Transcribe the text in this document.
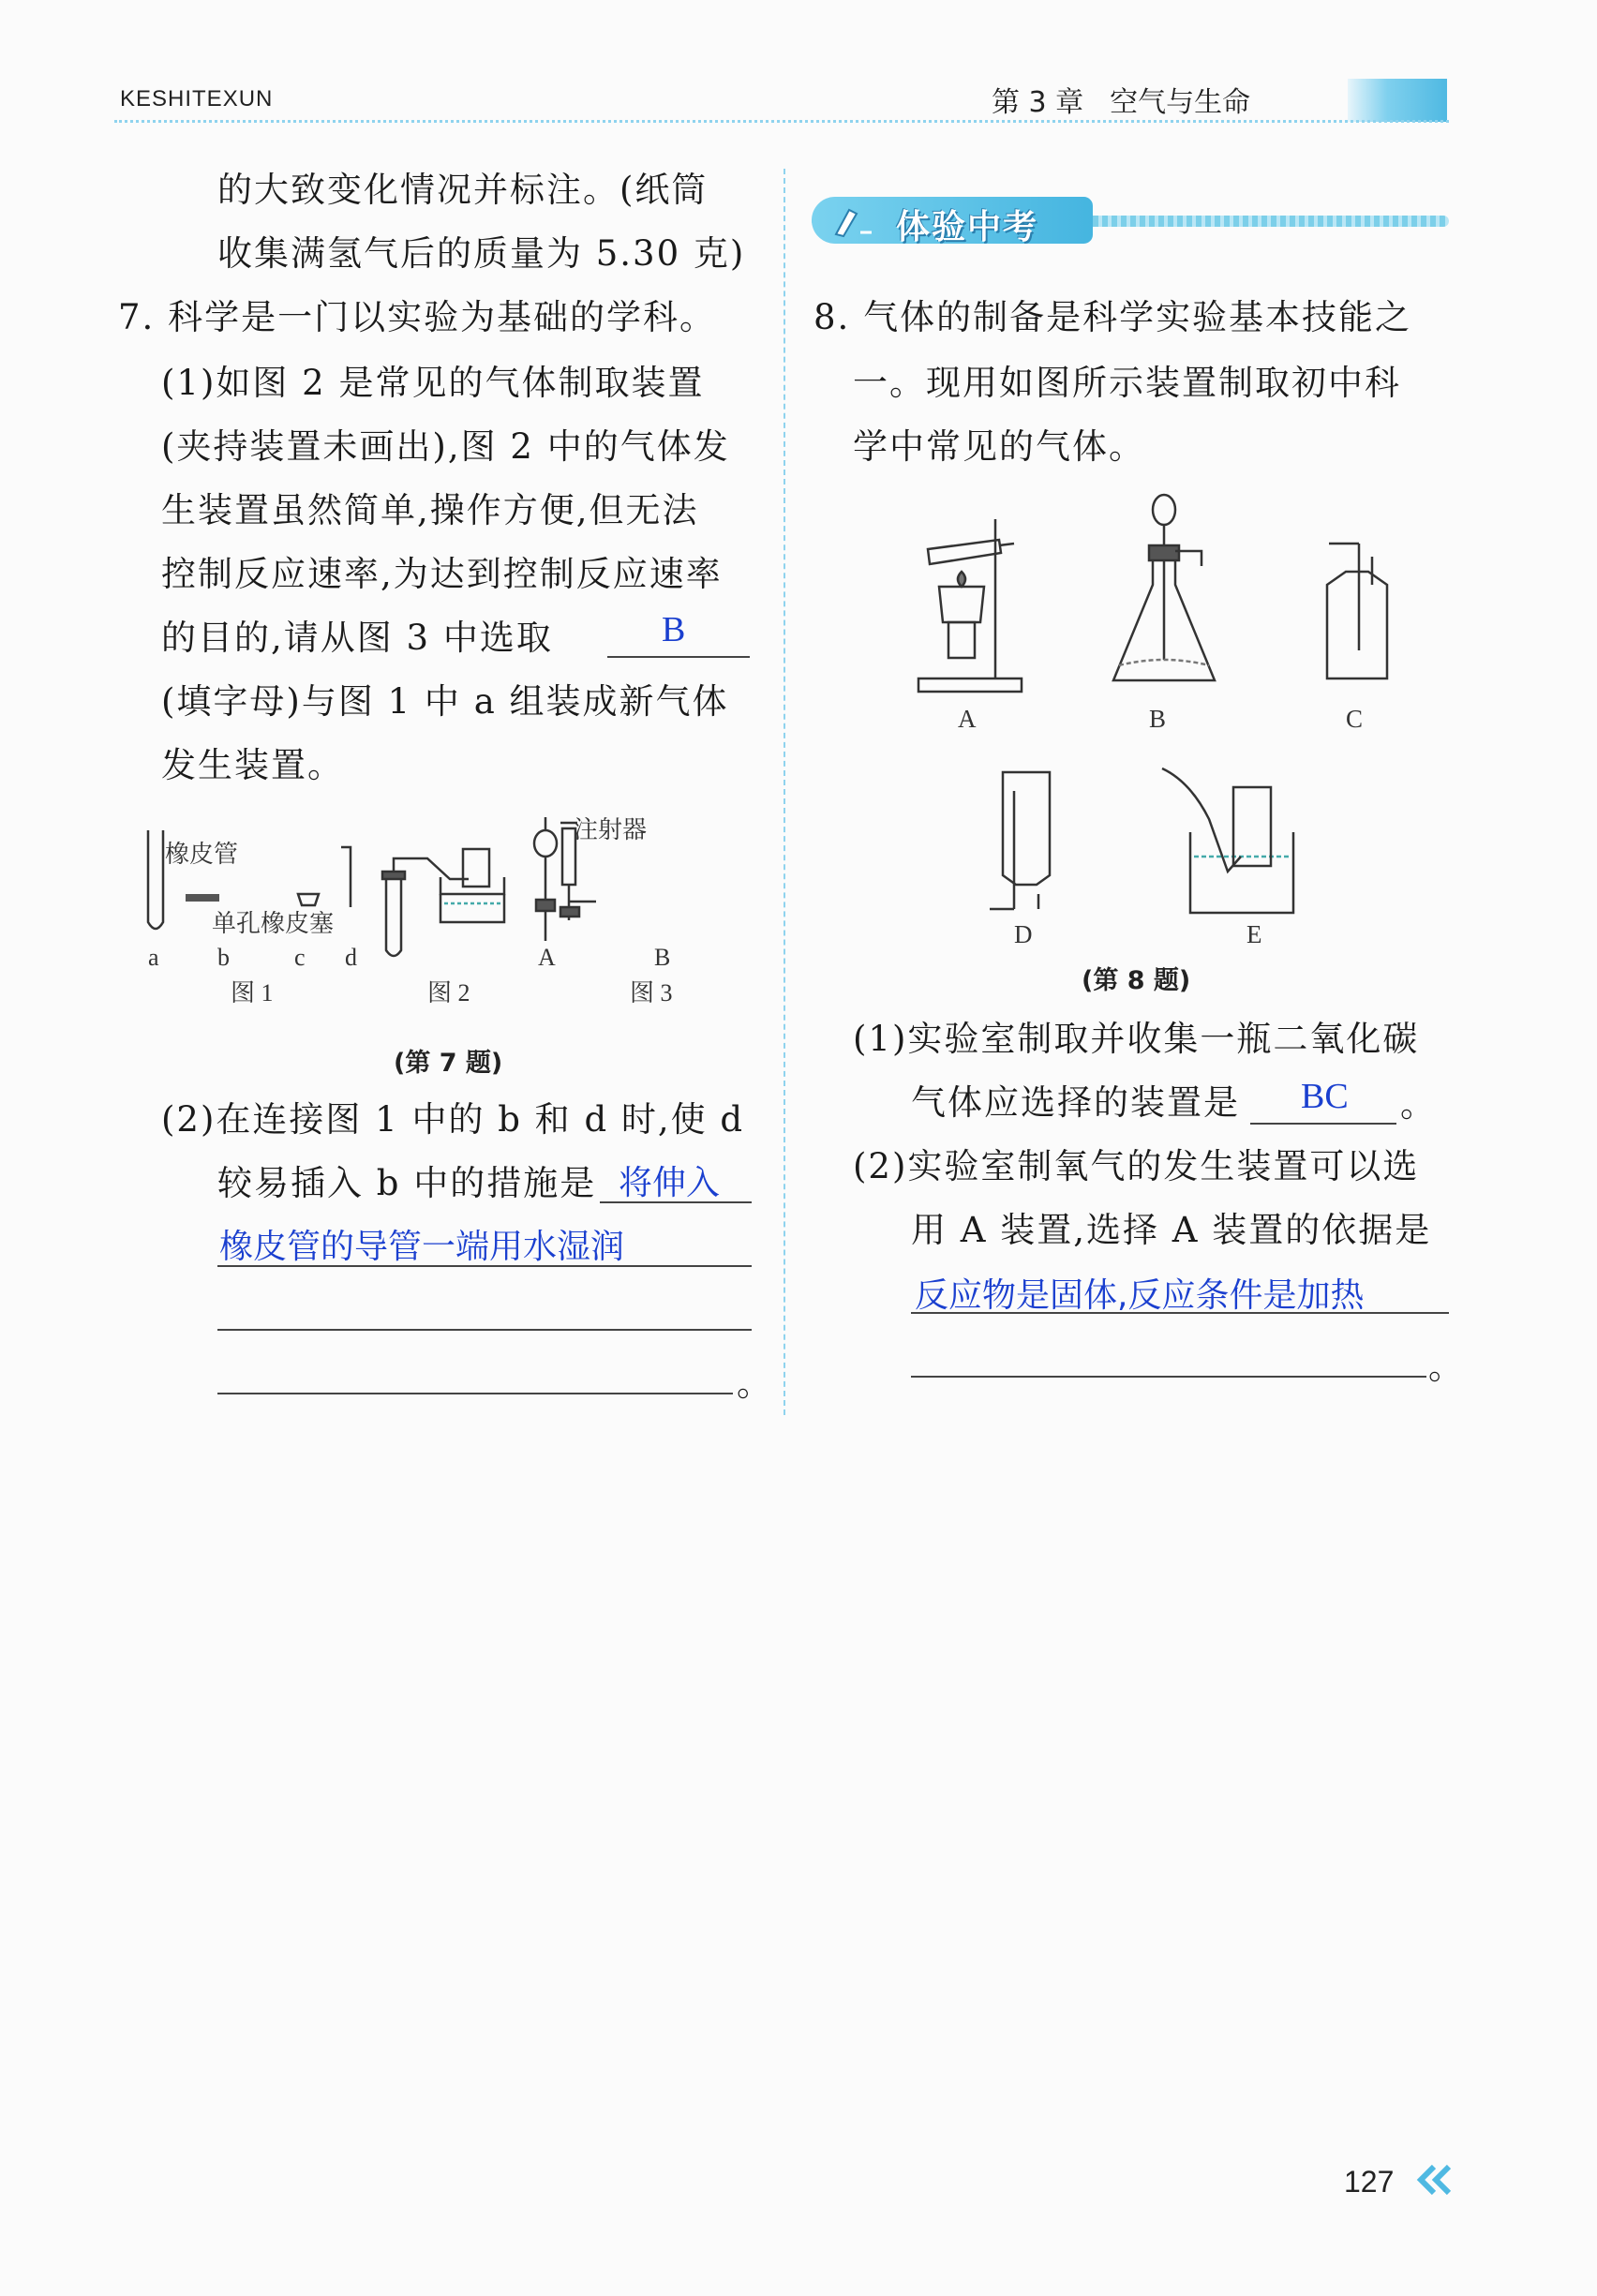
KESHITEXUN	第 3 章 空气与生命
的大致变化情况并标注。(纸筒
收集满氢气后的质量为 5.30 克)
7. 科学是一门以实验为基础的学科。
(1)如图 2 是常见的气体制取装置
(夹持装置未画出),图 2 中的气体发
生装置虽然简单,操作方便,但无法
控制反应速率,为达到控制反应速率
的目的,请从图 3 中选取	B
(填字母)与图 1 中 a 组装成新气体
发生装置。
橡皮管
单孔橡皮塞
注射器
a b	c d	A	B
图 1	图 2	图 3
(第 7 题)
(2)在连接图 1 中的 b 和 d 时,使 d
较易插入 b 中的措施是 将伸入
橡皮管的导管一端用水湿润
。
体验中考
8. 气体的制备是科学实验基本技能之
一。现用如图所示装置制取初中科
学中常见的气体。
A	B	C
D	E
(第 8 题)
(1)实验室制取并收集一瓶二氧化碳
气体应选择的装置是 BC 。
(2)实验室制氧气的发生装置可以选
用 A 装置,选择 A 装置的依据是
反应物是固体,反应条件是加热
。
127
